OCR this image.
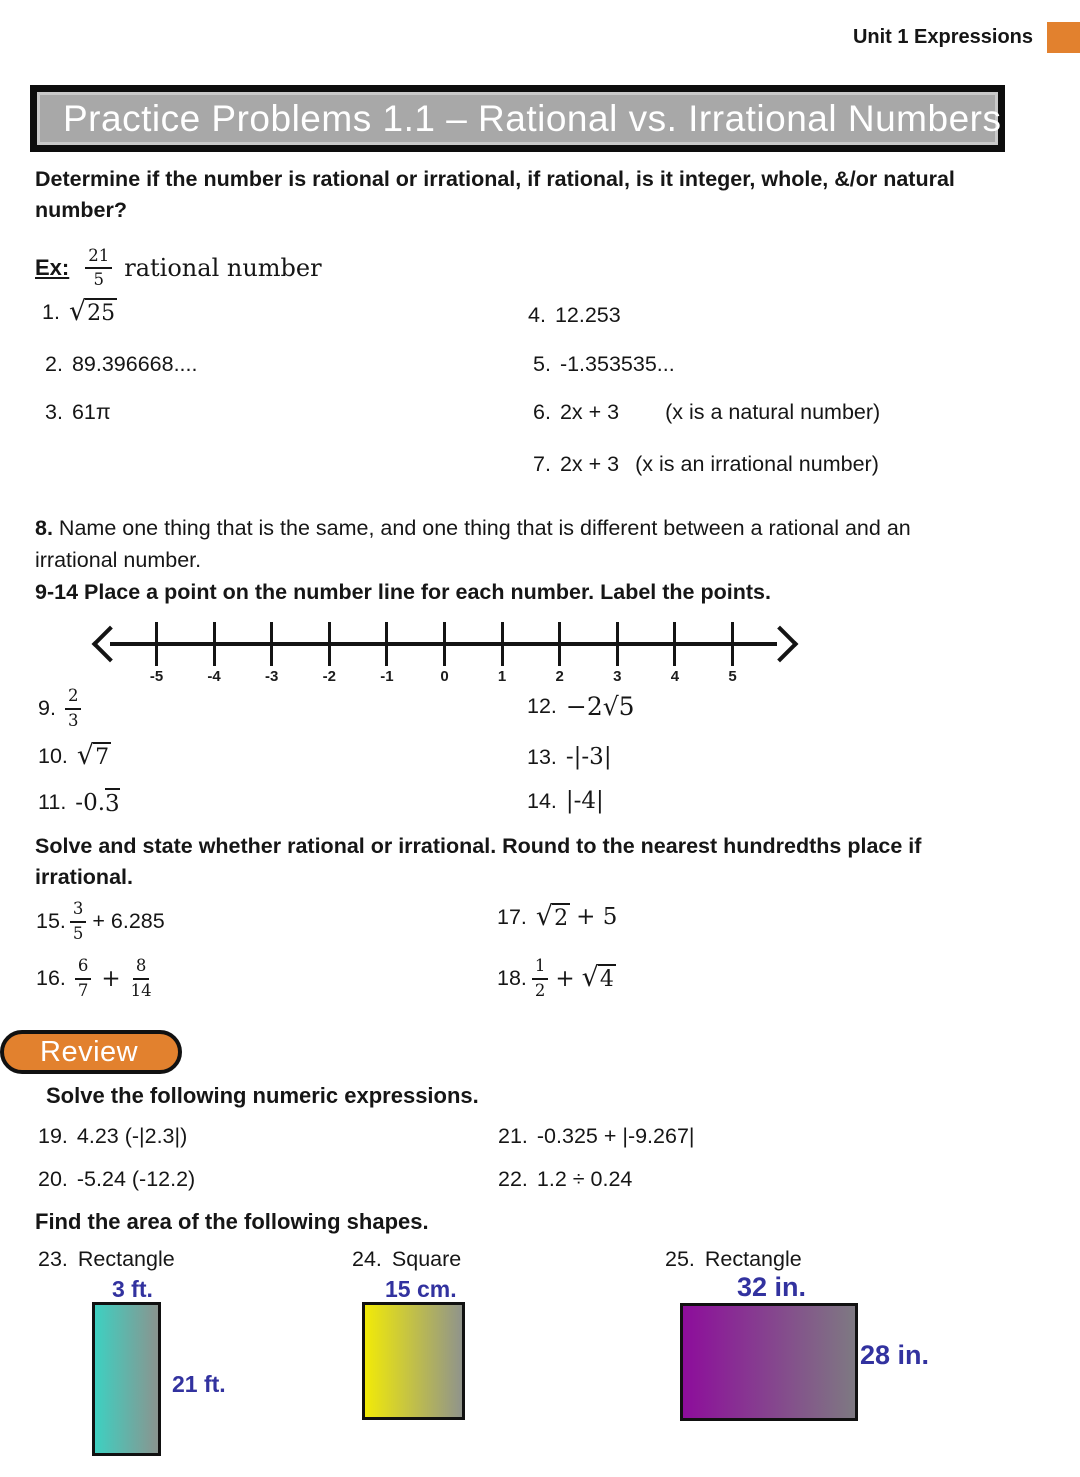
Unit 1 Expressions
Practice Problems 1.1 – Rational vs. Irrational Numbers
Determine if the number is rational or irrational, if rational, is it integer, whole, &/or natural
number?
Ex: $\frac{21}{5}$ rational number
1. √ 25	4. 12.253
2. 89.396668....	5. -1.353535...
3. 61π	6. 2x + 3 (x is a natural number)
7. 2x + 3 (x is an irrational number)
8. Name one thing that is the same, and one thing that is different between a rational and an
irrational number.
9-14 Place a point on the number line for each number. Label the points.
-5	-4	-3	-2	-1	0	1	2	3	4	5
9. $\frac{2}{3}$	12. −2√5
10. √ 7	13. -|-3|
11. -0. 3	14. |-4|
Solve and state whether rational or irrational. Round to the nearest hundredths place if
irrational.
15. $\frac{3}{5} + 6.285$	17. √ 2 + 5
16. $\frac{6}{7} + \frac{8}{14}$	18. $\frac{1}{2}$ + √ 4
Review
Solve the following numeric expressions.
19. 4.23 (-|2.3|)	21. -0.325 + |-9.267|
20. -5.24 (-12.2)	22. 1.2 ÷ 0.24
Find the area of the following shapes.
23. Rectangle	24. Square	25. Rectangle
3 ft.	15 cm.	32 in.
21 ft.
28 in.
